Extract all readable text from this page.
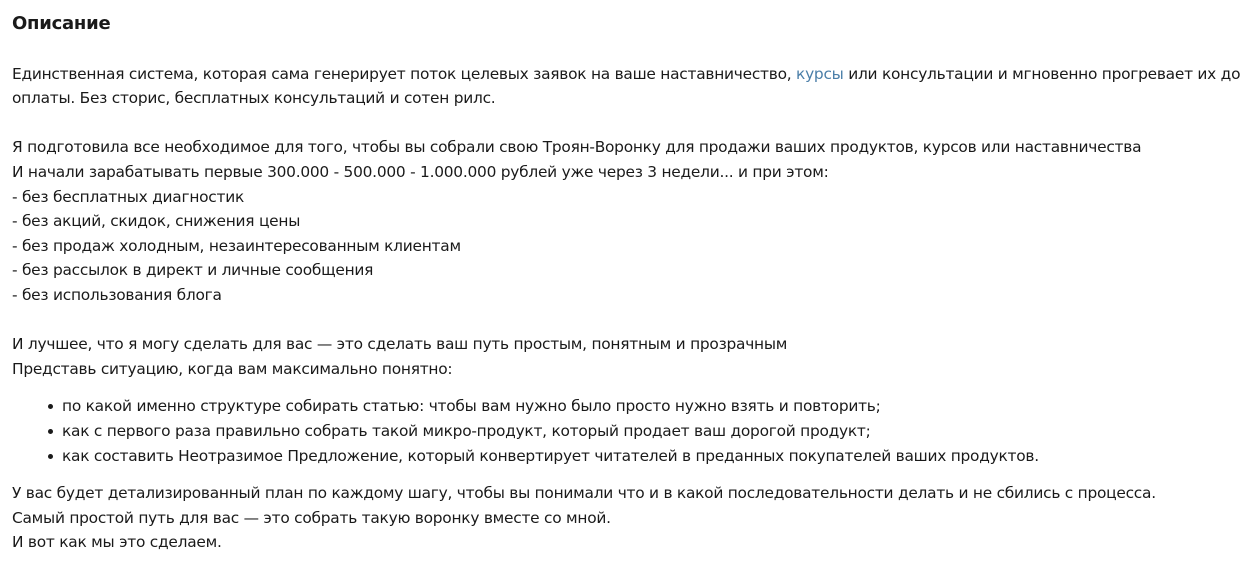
Описание

Единственная система, которая сама генерирует поток целевых заявок на ваше наставничество, курсы или консультации и мгновенно прогревает их до

оплаты. Без сторис, бесплатных консультаций и сотен рилс.

Я подготовила все необходимое для того, чтобы вы собрали свою Троян-Воронку для продажи ваших продуктов, курсов или наставничества

И начали зарабатывать первые 300.000 - 500.000 - 1.000.000 рублей уже через 3 недели... и при этом:

- без бесплатных диагностик

- без акций, скидок, снижения цены

- без продаж холодным, незаинтересованным клиентам

- без рассылок в директ и личные сообщения

- без использования блога

И лучшее, что я могу сделать для вас — это сделать ваш путь простым, понятным и прозрачным

Представь ситуацию, когда вам максимально понятно:

по какой именно структуре собирать статью: чтобы вам нужно было просто нужно взять и повторить;
как с первого раза правильно собрать такой микро-продукт, который продает ваш дорогой продукт;
как составить Неотразимое Предложение, который конвертирует читателей в преданных покупателей ваших продуктов.

У вас будет детализированный план по каждому шагу, чтобы вы понимали что и в какой последовательности делать и не сбились с процесса.

Самый простой путь для вас — это собрать такую воронку вместе со мной.

И вот как мы это сделаем.
